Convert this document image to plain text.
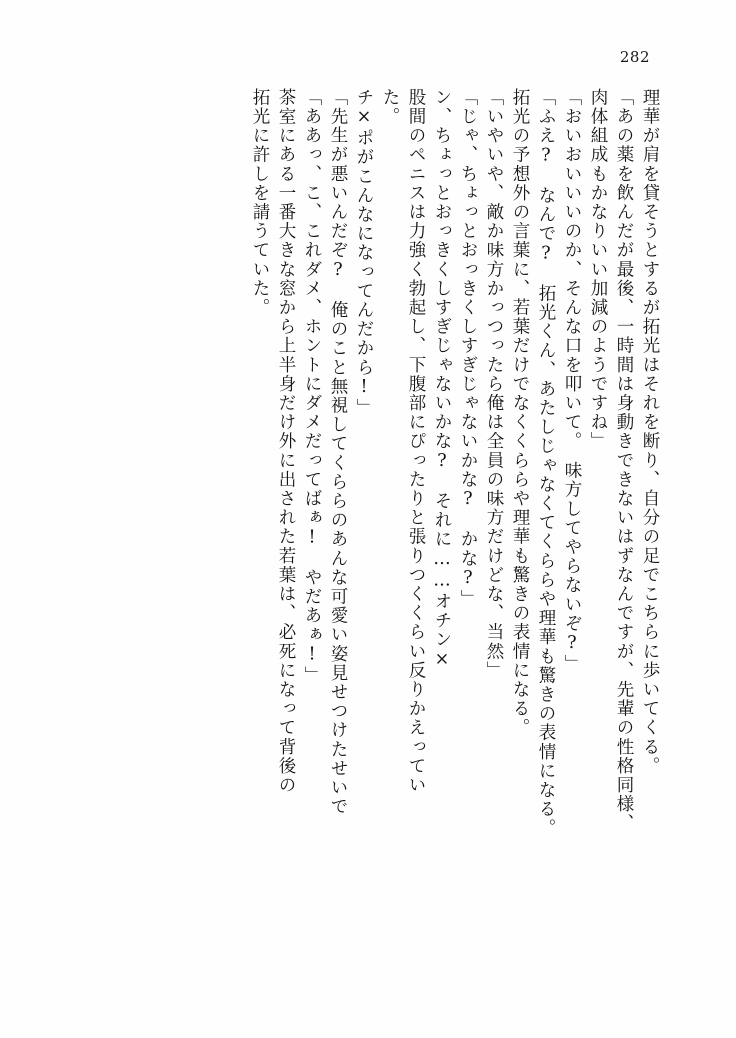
282
理華が肩を貸そうとするが拓光はそれを断り、自分の足でこちらに歩いてくる。
「あの薬を飲んだが最後、一時間は身動きできないはずなんですが、先輩の性格同様、
肉体組成もかなりいい加減のようですね」
「おいおいいいのか、そんな口を叩いて。　味方してやらないぞ?」
「ふえ?　なんで?　拓光くん、あたしじゃなくてくららや理華も驚きの表情になる。
拓光の予想外の言葉に、若葉だけでなくくららや理華も驚きの表情になる。
「いやいや、敵か味方かっつったら俺は全員の味方だけどな、当然」
「じゃ、ちょっとおっきくしすぎじゃないかな?　かな?」
ン、ちょっとおっきくしすぎじゃないかな?　それに……オチン×
股間のペニスは力強く勃起し、下腹部にぴったりと張りつくくらい反りかえってい
た。
チ×ポがこんなになってんだから!」
「先生が悪いんだぞ?　俺のこと無視してくららのあんな可愛い姿見せつけたせいで
「ああっ、こ、これダメ、ホントにダメだってばぁ!　やだあぁ!」
茶室にある一番大きな窓から上半身だけ外に出された若葉は、必死になって背後の
拓光に許しを請うていた。
